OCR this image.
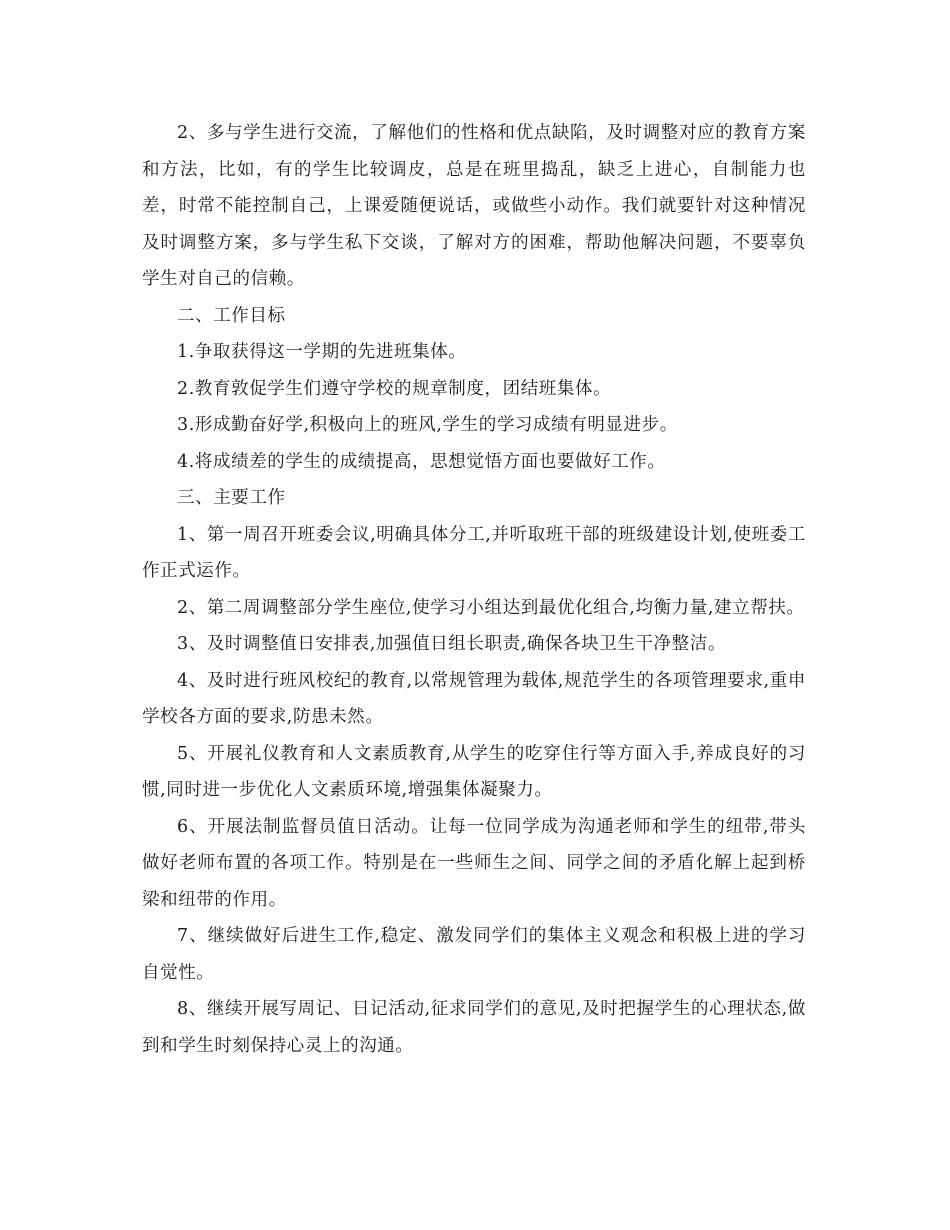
2、多与学生进行交流，了解他们的性格和优点缺陷，及时调整对应的教育方案和方法，比如，有的学生比较调皮，总是在班里捣乱，缺乏上进心，自制能力也差，时常不能控制自己，上课爱随便说话，或做些小动作。我们就要针对这种情况及时调整方案，多与学生私下交谈，了解对方的困难，帮助他解决问题，不要辜负学生对自己的信赖。

二、工作目标

1.争取获得这一学期的先进班集体。

2.教育敦促学生们遵守学校的规章制度，团结班集体。

3.形成勤奋好学,积极向上的班风,学生的学习成绩有明显进步。

4.将成绩差的学生的成绩提高，思想觉悟方面也要做好工作。

三、主要工作

1、第一周召开班委会议,明确具体分工,并听取班干部的班级建设计划,使班委工作正式运作。

2、第二周调整部分学生座位,使学习小组达到最优化组合,均衡力量,建立帮扶。

3、及时调整值日安排表,加强值日组长职责,确保各块卫生干净整洁。

4、及时进行班风校纪的教育,以常规管理为载体,规范学生的各项管理要求,重申学校各方面的要求,防患未然。

5、开展礼仪教育和人文素质教育,从学生的吃穿住行等方面入手,养成良好的习惯,同时进一步优化人文素质环境,增强集体凝聚力。

6、开展法制监督员值日活动。让每一位同学成为沟通老师和学生的纽带,带头做好老师布置的各项工作。特别是在一些师生之间、同学之间的矛盾化解上起到桥梁和纽带的作用。

7、继续做好后进生工作,稳定、激发同学们的集体主义观念和积极上进的学习自觉性。

8、继续开展写周记、日记活动,征求同学们的意见,及时把握学生的心理状态,做到和学生时刻保持心灵上的沟通。
